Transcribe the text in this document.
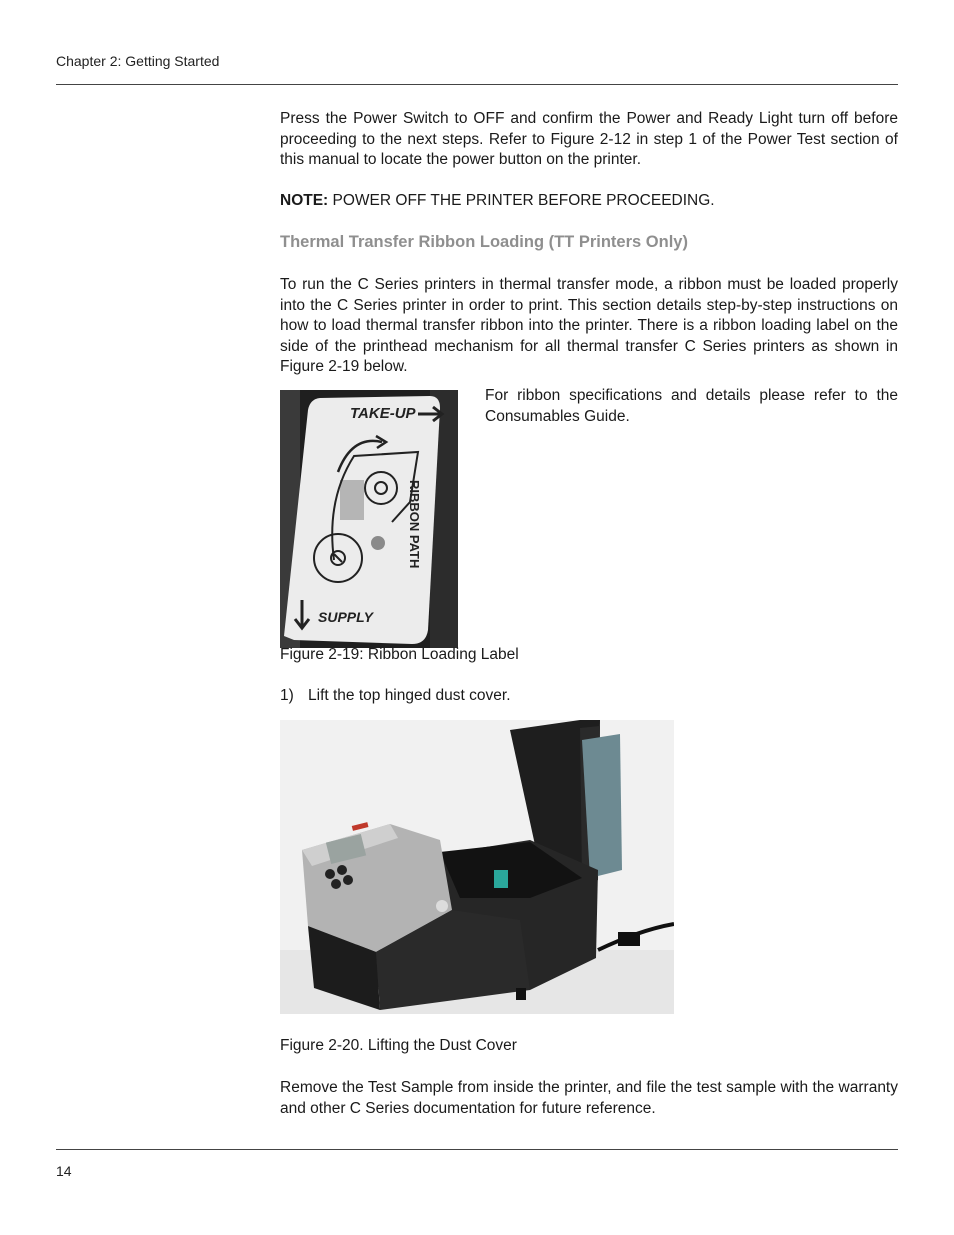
Chapter 2: Getting Started

Press the Power Switch to OFF and confirm the Power and Ready Light turn off before proceeding to the next steps. Refer to Figure 2-12 in step 1 of the Power Test section of this manual to locate the power button on the printer.

NOTE: POWER OFF THE PRINTER BEFORE PROCEEDING.

Thermal Transfer Ribbon Loading (TT Printers Only)

To run the C Series printers in thermal transfer mode, a ribbon must be loaded properly into the C Series printer in order to print. This section details step-by-step instructions on how to load thermal transfer ribbon into the printer. There is a ribbon loading label on the side of the printhead mechanism for all thermal transfer C Series printers as shown in Figure 2-19 below.

TAKE-UP
RIBBON PATH
SUPPLY

For ribbon specifications and details please refer to the Consumables Guide.

Figure 2-19: Ribbon Loading Label
1) Lift the top hinged dust cover.
Figure 2-20. Lifting the Dust Cover

Remove the Test Sample from inside the printer, and file the test sample with the warranty and other C Series documentation for future reference.

14
